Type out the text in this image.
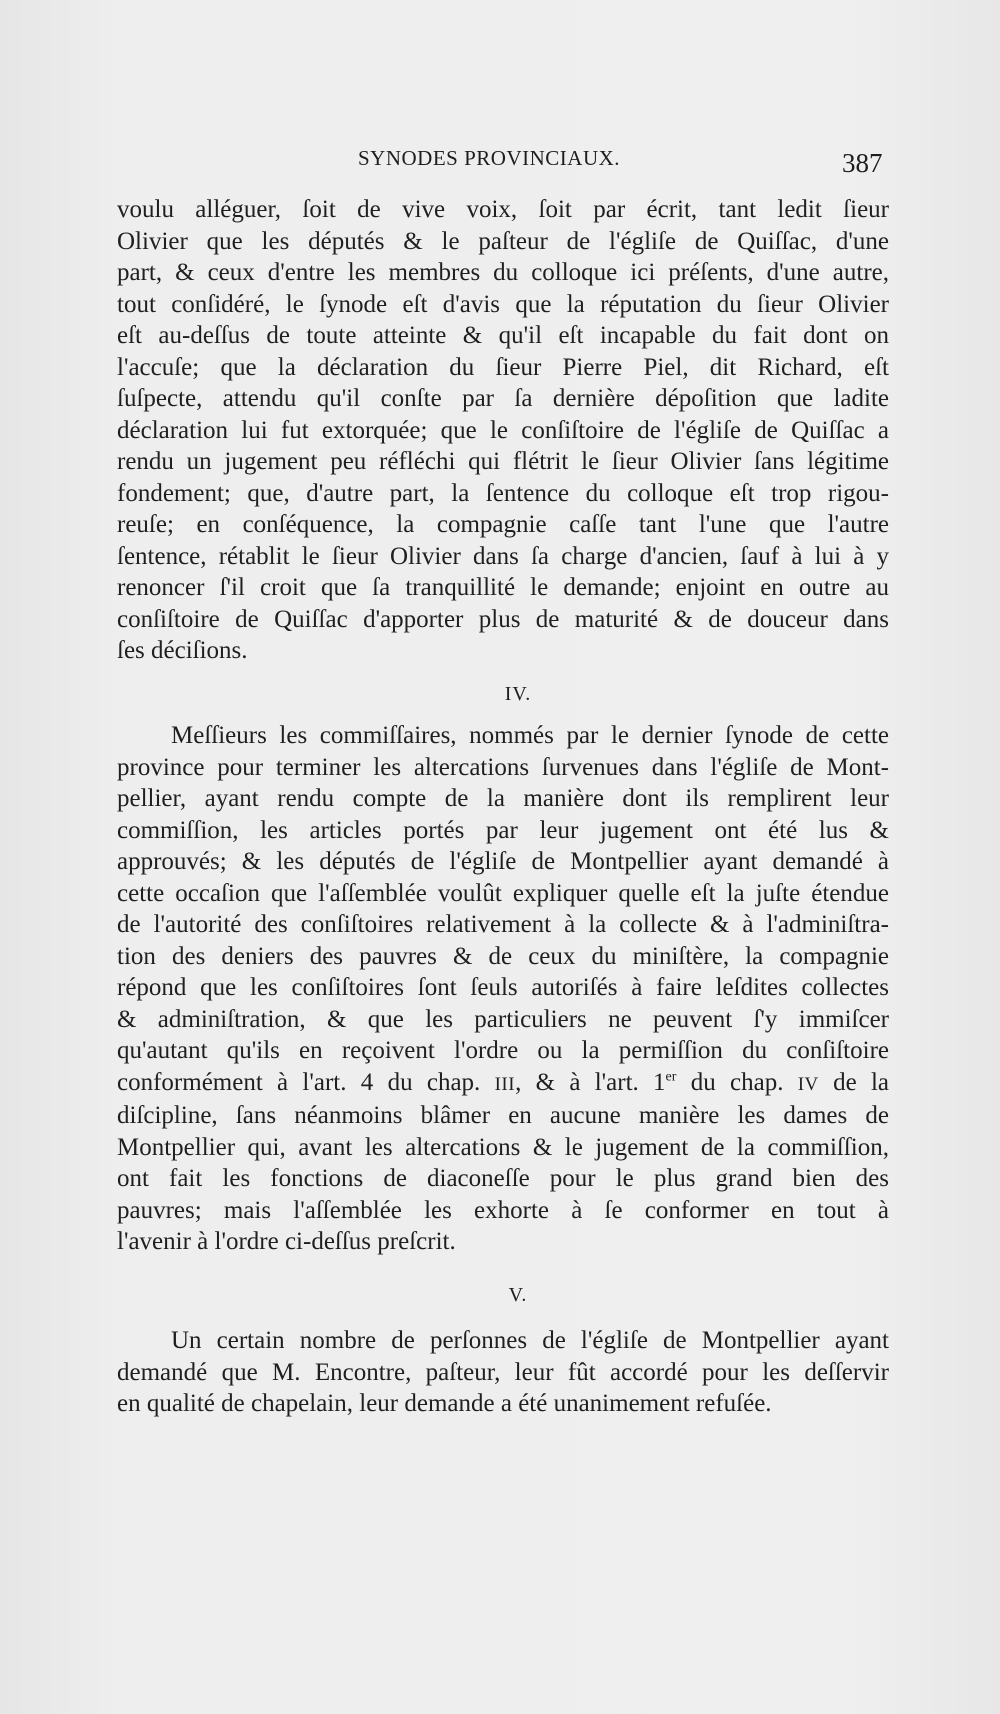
SYNODES PROVINCIAUX.	387
voulu alléguer, ſoit de vive voix, ſoit par écrit, tant ledit ſieur
Olivier que les députés & le paſteur de l'égliſe de Quiſſac, d'une
part, & ceux d'entre les membres du colloque ici préſents, d'une autre,
tout conſidéré, le ſynode eſt d'avis que la réputation du ſieur Olivier
eſt au-deſſus de toute atteinte & qu'il eſt incapable du fait dont on
l'accuſe; que la déclaration du ſieur Pierre Piel, dit Richard, eſt
ſuſpecte, attendu qu'il conſte par ſa dernière dépoſition que ladite
déclaration lui fut extorquée; que le conſiſtoire de l'égliſe de Quiſſac a
rendu un jugement peu réfléchi qui flétrit le ſieur Olivier ſans légitime
fondement; que, d'autre part, la ſentence du colloque eſt trop rigou-
reuſe; en conſéquence, la compagnie caſſe tant l'une que l'autre
ſentence, rétablit le ſieur Olivier dans ſa charge d'ancien, ſauf à lui à y
renoncer ſ'il croit que ſa tranquillité le demande; enjoint en outre au
conſiſtoire de Quiſſac d'apporter plus de maturité & de douceur dans
ſes déciſions.
IV.
Meſſieurs les commiſſaires, nommés par le dernier ſynode de cette
province pour terminer les altercations ſurvenues dans l'égliſe de Mont-
pellier, ayant rendu compte de la manière dont ils remplirent leur
commiſſion, les articles portés par leur jugement ont été lus &
approuvés; & les députés de l'égliſe de Montpellier ayant demandé à
cette occaſion que l'aſſemblée voulût expliquer quelle eſt la juſte étendue
de l'autorité des conſiſtoires relativement à la collecte & à l'adminiſtra-
tion des deniers des pauvres & de ceux du miniſtère, la compagnie
répond que les conſiſtoires ſont ſeuls autoriſés à faire leſdites collectes
& adminiſtration, & que les particuliers ne peuvent ſ'y immiſcer
qu'autant qu'ils en reçoivent l'ordre ou la permiſſion du conſiſtoire
conformément à l'art. 4 du chap. III, & à l'art. 1er du chap. IV de la
diſcipline, ſans néanmoins blâmer en aucune manière les dames de
Montpellier qui, avant les altercations & le jugement de la commiſſion,
ont fait les fonctions de diaconeſſe pour le plus grand bien des
pauvres; mais l'aſſemblée les exhorte à ſe conformer en tout à
l'avenir à l'ordre ci-deſſus preſcrit.
V.
Un certain nombre de perſonnes de l'égliſe de Montpellier ayant
demandé que M. Encontre, paſteur, leur fût accordé pour les deſſervir
en qualité de chapelain, leur demande a été unanimement refuſée.
